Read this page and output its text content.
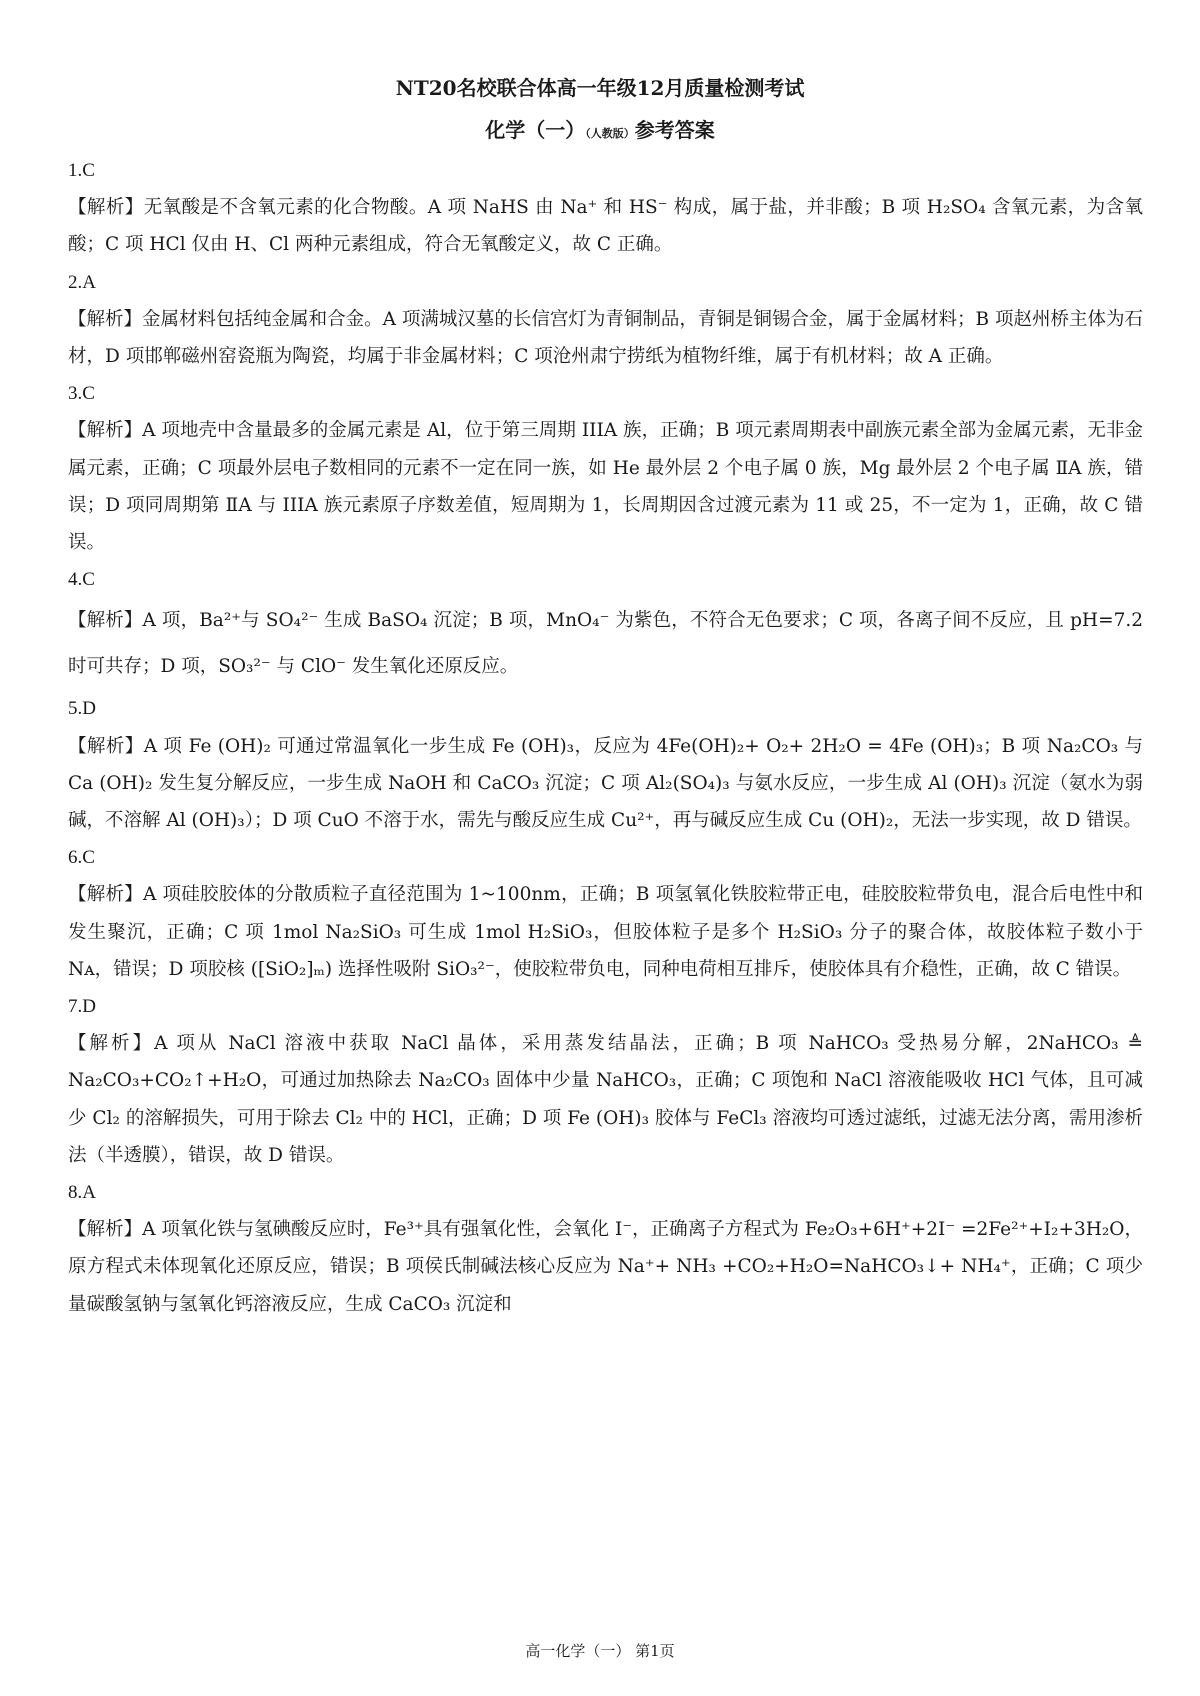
NT20名校联合体高一年级12月质量检测考试
化学（一）（人教版）参考答案

1.C

【解析】无氧酸是不含氧元素的化合物酸。A 项 NaHS 由 Na⁺ 和 HS⁻ 构成，属于盐，并非酸；B 项 H₂SO₄ 含氧元素，为含氧酸；C 项 HCl 仅由 H、Cl 两种元素组成，符合无氧酸定义，故 C 正确。

2.A

【解析】金属材料包括纯金属和合金。A 项满城汉墓的长信宫灯为青铜制品，青铜是铜锡合金，属于金属材料；B 项赵州桥主体为石材，D 项邯郸磁州窑瓷瓶为陶瓷，均属于非金属材料；C 项沧州肃宁捞纸为植物纤维，属于有机材料；故 A 正确。

3.C

【解析】A 项地壳中含量最多的金属元素是 Al，位于第三周期 IIIA 族，正确；B 项元素周期表中副族元素全部为金属元素，无非金属元素，正确；C 项最外层电子数相同的元素不一定在同一族，如 He 最外层 2 个电子属 0 族，Mg 最外层 2 个电子属 ⅡA 族，错误；D 项同周期第 ⅡA 与 IIIA 族元素原子序数差值，短周期为 1，长周期因含过渡元素为 11 或 25，不一定为 1，正确，故 C 错误。

4.C

【解析】A 项，Ba²⁺与 SO₄²⁻ 生成 BaSO₄ 沉淀；B 项，MnO₄⁻ 为紫色，不符合无色要求；C 项，各离子间不反应，且 pH=7.2 时可共存；D 项，SO₃²⁻ 与 ClO⁻ 发生氧化还原反应。

5.D

【解析】A 项 Fe (OH)₂ 可通过常温氧化一步生成 Fe (OH)₃，反应为 4Fe(OH)₂+ O₂+ 2H₂O = 4Fe (OH)₃；B 项 Na₂CO₃ 与 Ca (OH)₂ 发生复分解反应，一步生成 NaOH 和 CaCO₃ 沉淀；C 项 Al₂(SO₄)₃ 与氨水反应，一步生成 Al (OH)₃ 沉淀（氨水为弱碱，不溶解 Al (OH)₃）；D 项 CuO 不溶于水，需先与酸反应生成 Cu²⁺，再与碱反应生成 Cu (OH)₂，无法一步实现，故 D 错误。

6.C

【解析】A 项硅胶胶体的分散质粒子直径范围为 1~100nm，正确；B 项氢氧化铁胶粒带正电，硅胶胶粒带负电，混合后电性中和发生聚沉，正确；C 项 1mol Na₂SiO₃ 可生成 1mol H₂SiO₃，但胶体粒子是多个 H₂SiO₃ 分子的聚合体，故胶体粒子数小于 Nᴀ，错误；D 项胶核 ([SiO₂]ₘ) 选择性吸附 SiO₃²⁻，使胶粒带负电，同种电荷相互排斥，使胶体具有介稳性，正确，故 C 错误。

7.D

【解析】A 项从 NaCl 溶液中获取 NaCl 晶体，采用蒸发结晶法，正确；B 项 NaHCO₃ 受热易分解，2NaHCO₃ ≜ Na₂CO₃+CO₂↑+H₂O，可通过加热除去 Na₂CO₃ 固体中少量 NaHCO₃，正确；C 项饱和 NaCl 溶液能吸收 HCl 气体，且可减少 Cl₂ 的溶解损失，可用于除去 Cl₂ 中的 HCl，正确；D 项 Fe (OH)₃ 胶体与 FeCl₃ 溶液均可透过滤纸，过滤无法分离，需用渗析法（半透膜），错误，故 D 错误。

8.A

【解析】A 项氧化铁与氢碘酸反应时，Fe³⁺具有强氧化性，会氧化 I⁻，正确离子方程式为 Fe₂O₃+6H⁺+2I⁻ =2Fe²⁺+I₂+3H₂O，原方程式未体现氧化还原反应，错误；B 项侯氏制碱法核心反应为 Na⁺+ NH₃ +CO₂+H₂O=NaHCO₃↓+ NH₄⁺，正确；C 项少量碳酸氢钠与氢氧化钙溶液反应，生成 CaCO₃ 沉淀和

高一化学（一） 第1页
